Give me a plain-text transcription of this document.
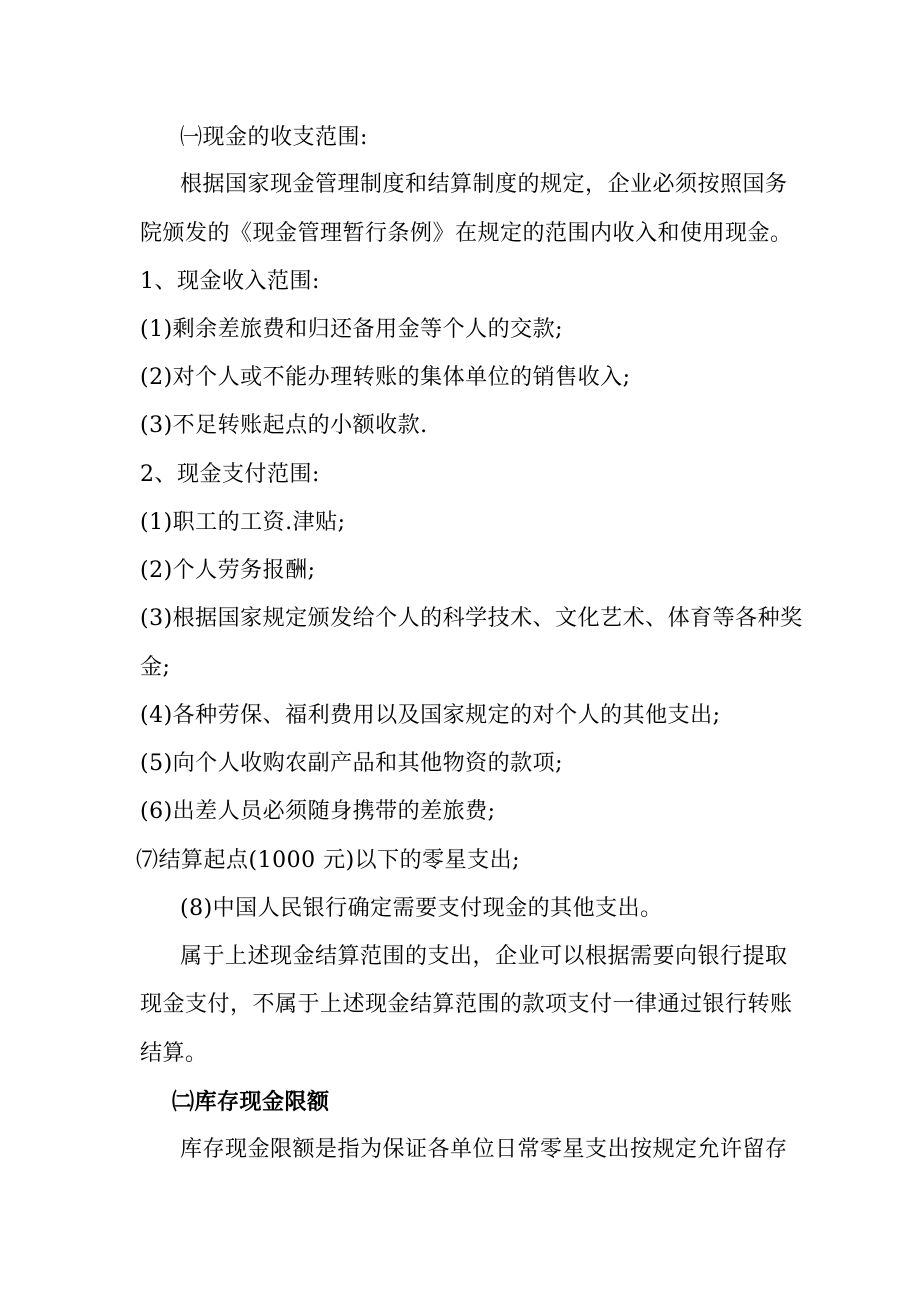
㈠现金的收支范围:
根据国家现金管理制度和结算制度的规定，企业必须按照国务
院颁发的《现金管理暂行条例》在规定的范围内收入和使用现金。
1、现金收入范围:
(1)剩余差旅费和归还备用金等个人的交款;
(2)对个人或不能办理转账的集体单位的销售收入;
(3)不足转账起点的小额收款.
2、现金支付范围:
(1)职工的工资.津贴;
(2)个人劳务报酬;
(3)根据国家规定颁发给个人的科学技术、文化艺术、体育等各种奖
金;
(4)各种劳保、福利费用以及国家规定的对个人的其他支出;
(5)向个人收购农副产品和其他物资的款项;
(6)出差人员必须随身携带的差旅费;
⑺结算起点(1000 元)以下的零星支出;
(8)中国人民银行确定需要支付现金的其他支出。
属于上述现金结算范围的支出，企业可以根据需要向银行提取
现金支付，不属于上述现金结算范围的款项支付一律通过银行转账
结算。
㈡库存现金限额
库存现金限额是指为保证各单位日常零星支出按规定允许留存
